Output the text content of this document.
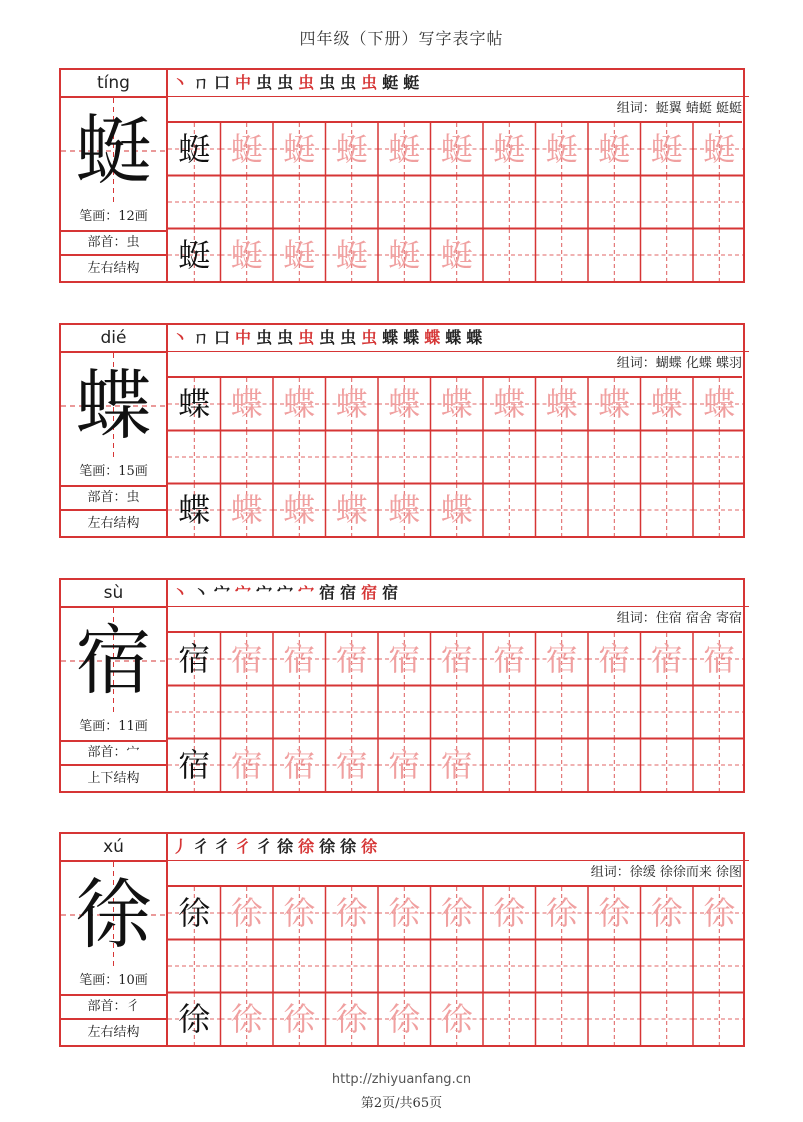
四年级（下册）写字表字帖
tíng
蜓
笔画：12画
部首：虫
左右结构
丶ㄇ口中虫虫虫虫虫虫蜓蜓
组词：蜓翼 蜻蜓 蜓蜓
蜓 蜓 蜓 蜓 蜓 蜓 蜓 蜓 蜓 蜓 蜓
蜓 蜓 蜓 蜓 蜓 蜓
dié
蝶
笔画：15画
部首：虫
左右结构
丶ㄇ口中虫虫虫虫虫虫蝶蝶蝶蝶蝶
组词：蝴蝶 化蝶 蝶羽
蝶 蝶 蝶 蝶 蝶 蝶 蝶 蝶 蝶 蝶 蝶
蝶 蝶 蝶 蝶 蝶 蝶
sù
宿
笔画：11画
部首：宀
上下结构
丶丶宀宀宀宀宀宿宿宿宿
组词：住宿 宿舍 寄宿
宿 宿 宿 宿 宿 宿 宿 宿 宿 宿 宿
宿 宿 宿 宿 宿 宿
xú
徐
笔画：10画
部首：彳
左右结构
丿彳彳彳彳徐徐徐徐徐
组词：徐缓 徐徐而来 徐图
徐 徐 徐 徐 徐 徐 徐 徐 徐 徐 徐
徐 徐 徐 徐 徐 徐
http://zhiyuanfang.cn
第2页/共65页
